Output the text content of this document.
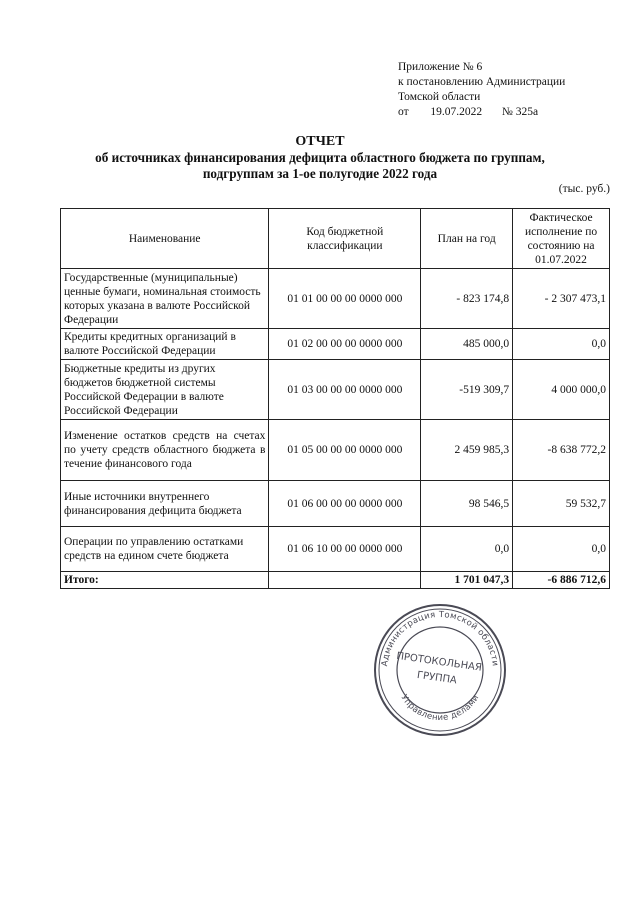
Приложение № 6
к постановлению Администрации
Томской области
от 19.07.2022 № 325а
ОТЧЕТ
об источниках финансирования дефицита областного бюджета по группам,
подгруппам за 1-ое полугодие 2022 года
(тыс. руб.)
Наименование	Код бюджетной классификации	План на год	Фактическое исполнение по состоянию на 01.07.2022
Государственные (муниципальные) ценные бумаги, номинальная стоимость которых указана в валюте Российской Федерации	01 01 00 00 00 0000 000	- 823 174,8	- 2 307 473,1
Кредиты кредитных организаций в валюте Российской Федерации	01 02 00 00 00 0000 000	485 000,0	0,0
Бюджетные кредиты из других бюджетов бюджетной системы Российской Федерации в валюте Российской Федерации	01 03 00 00 00 0000 000	-519 309,7	4 000 000,0
Изменение остатков средств на счетах по учету средств областного бюджета в течение финансового года	01 05 00 00 00 0000 000	2 459 985,3	-8 638 772,2
Иные источники внутреннего финансирования дефицита бюджета	01 06 00 00 00 0000 000	98 546,5	59 532,7
Операции по управлению остатками средств на едином счете бюджета	01 06 10 00 00 0000 000	0,0	0,0
Итого:		1 701 047,3	-6 886 712,6
Администрация Томской области
Управление делами
ПРОТОКОЛЬНАЯ
ГРУППА
